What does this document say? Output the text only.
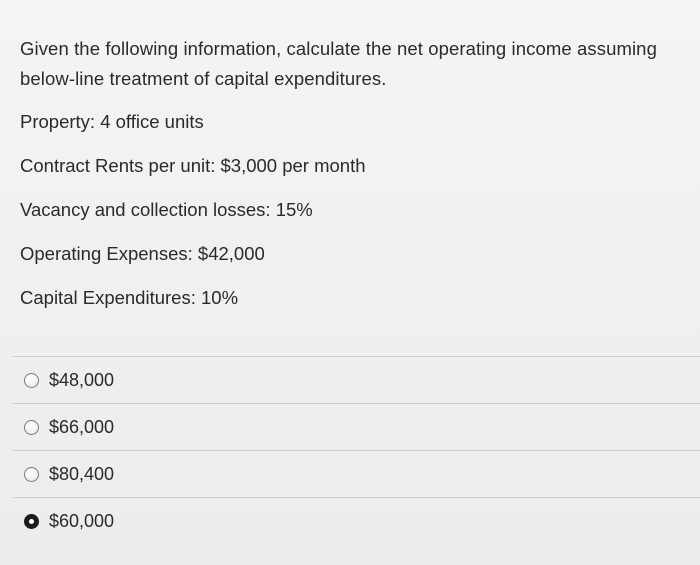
Given the following information, calculate the net operating income assuming below-line treatment of capital expenditures.

Property: 4 office units

Contract Rents per unit: $3,000 per month

Vacancy and collection losses: 15%

Operating Expenses: $42,000

Capital Expenditures: 10%

$48,000
$66,000
$80,400
$60,000
